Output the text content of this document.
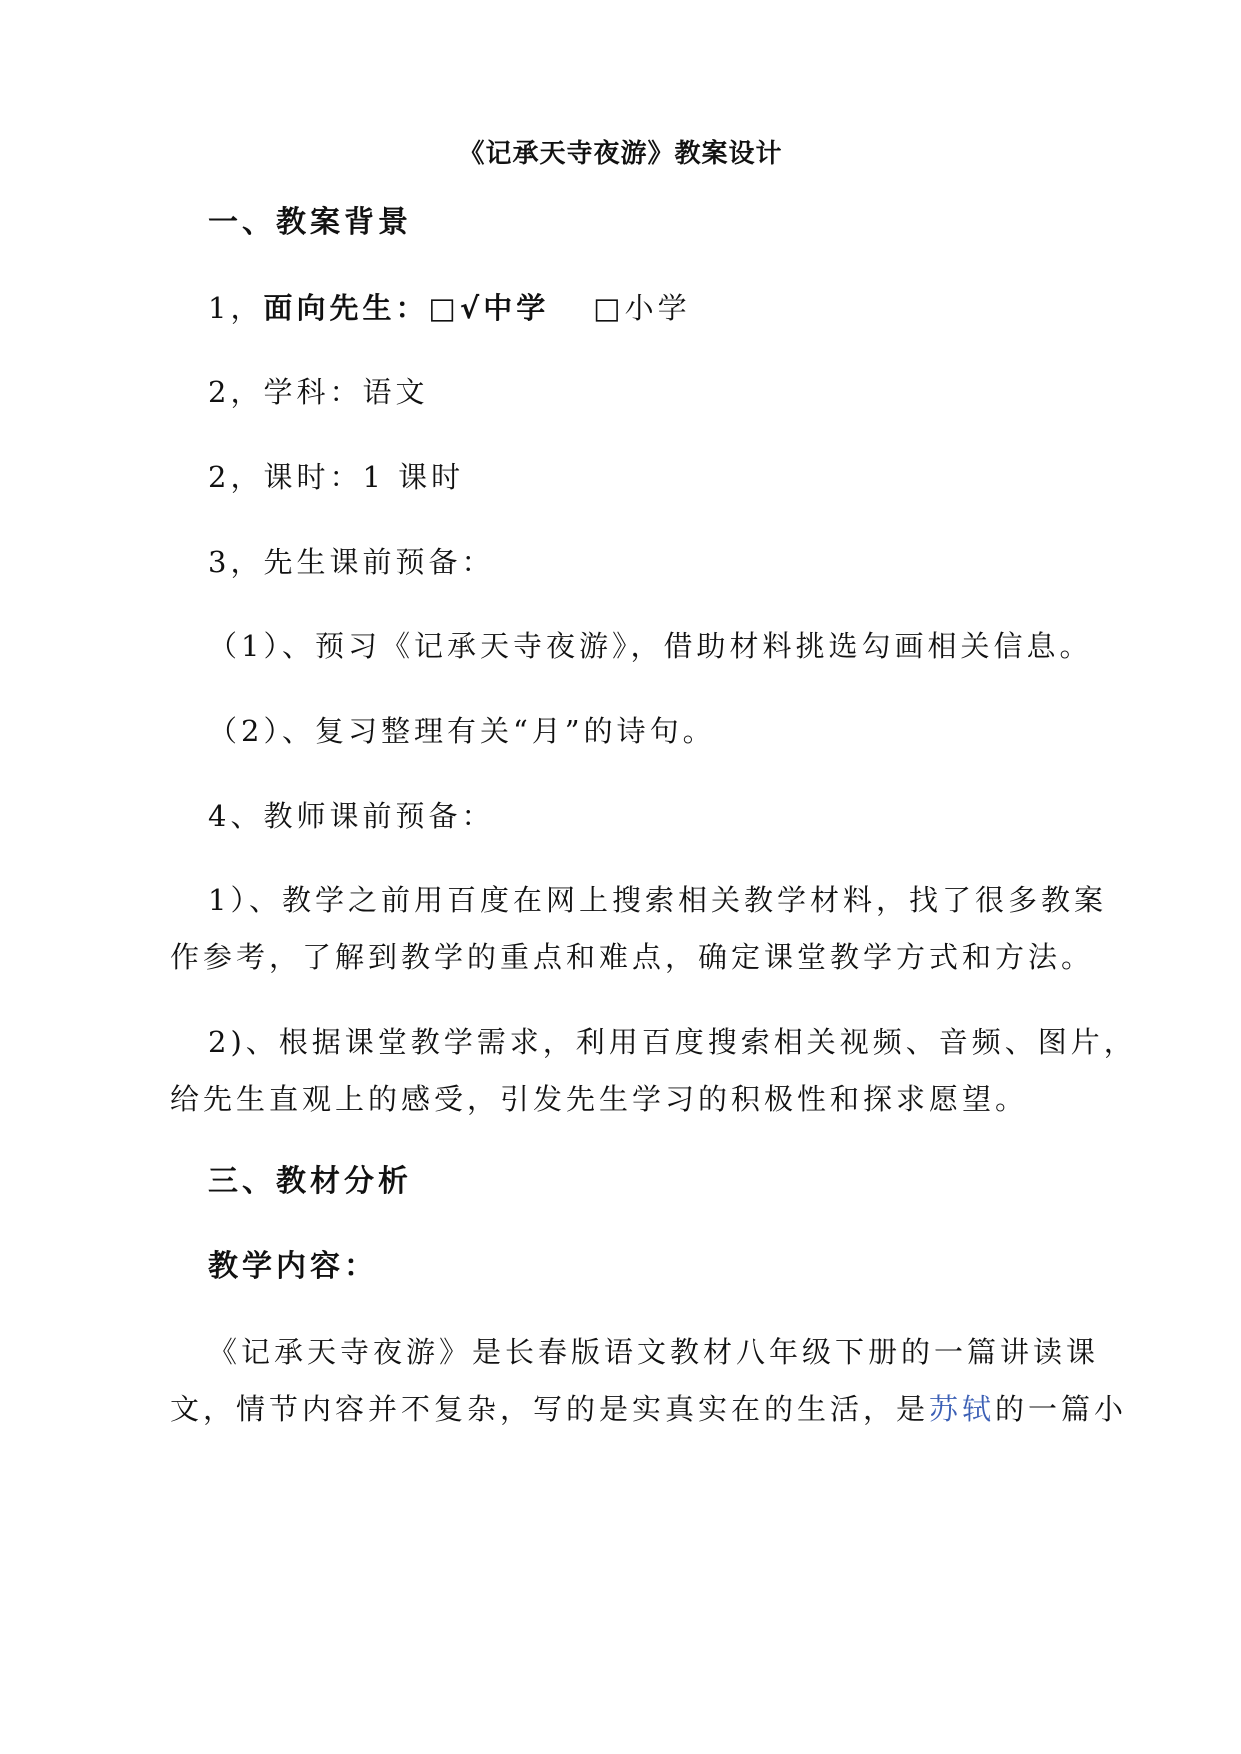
《记承天寺夜游》教案设计
一、教案背景
1，面向先生：□√中学 □小学
2，学科：语文
2，课时：1 课时
3，先生课前预备：
（1）、预习《记承天寺夜游》，借助材料挑选勾画相关信息。
（2）、复习整理有关“月”的诗句。
4、教师课前预备：
1）、教学之前用百度在网上搜索相关教学材料，找了很多教案
作参考，了解到教学的重点和难点，确定课堂教学方式和方法。
2)、根据课堂教学需求，利用百度搜索相关视频、音频、图片，
给先生直观上的感受，引发先生学习的积极性和探求愿望。
三、教材分析
教学内容：
《记承天寺夜游》是长春版语文教材八年级下册的一篇讲读课
文，情节内容并不复杂，写的是实真实在的生活，是苏轼的一篇小
